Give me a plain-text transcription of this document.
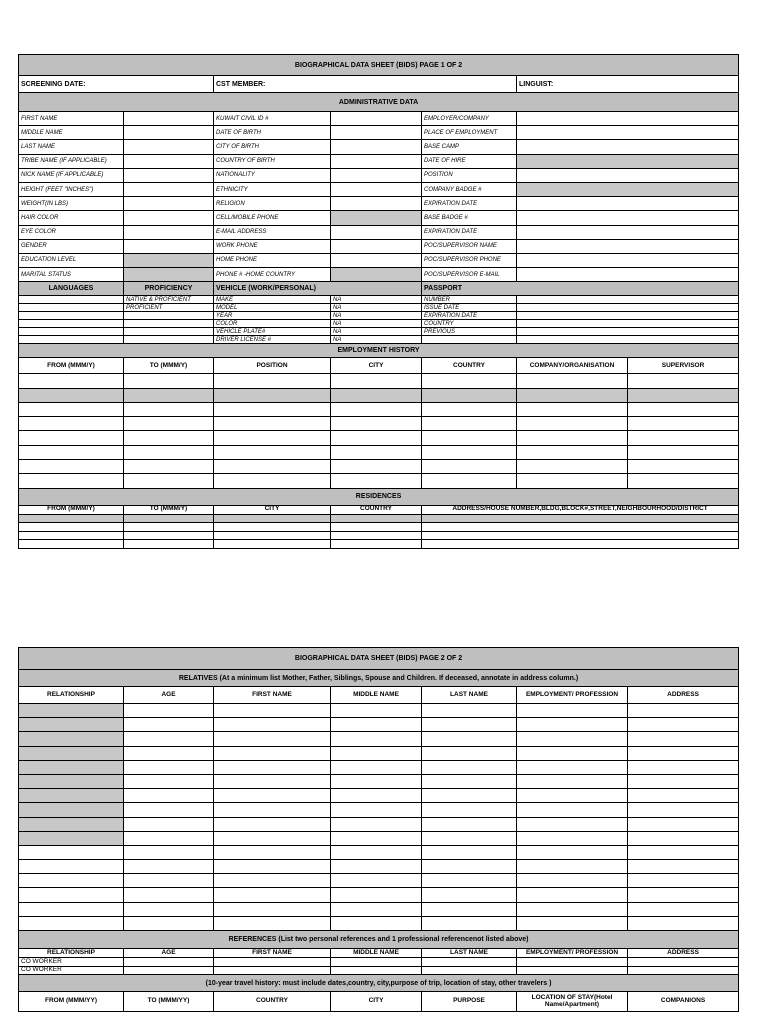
BIOGRAPHICAL DATA SHEET (BIDS) PAGE 1 OF 2						
SCREENING DATE:		CST MEMBER:			LINGUIST:	
ADMINISTRATIVE DATA						
FIRST NAME		KUWAIT CIVIL ID #		EMPLOYER/COMPANY		
MIDDLE NAME		DATE OF BIRTH		PLACE OF EMPLOYMENT		
LAST NAME		CITY OF BIRTH		BASE CAMP		
TRIBE NAME (IF APPLICABLE)		COUNTRY OF BIRTH		DATE OF HIRE		
NICK NAME (IF APPLICABLE)		NATIONALITY		POSITION		
HEIGHT (FEET "INCHES")		ETHNICITY		COMPANY BADGE #		
WEIGHT(IN LBS)		RELIGION		EXPIRATION DATE		
HAIR COLOR		CELL/MOBILE PHONE		BASE BADGE #		
EYE COLOR		E-MAIL ADDRESS		EXPIRATION DATE		
GENDER		WORK PHONE		POC/SUPERVISOR NAME		
EDUCATION LEVEL		HOME PHONE		POC/SUPERVISOR PHONE		
MARITAL STATUS		PHONE # -HOME COUNTRY		POC/SUPERVISOR E-MAIL		
LANGUAGES	PROFICIENCY	VEHICLE (WORK/PERSONAL)		PASSPORT		
	NATIVE & PROFICIENT	MAKE	NA	NUMBER		
	PROFICIENT	MODEL	NA	ISSUE DATE		
		YEAR	NA	EXPIRATION DATE		
		COLOR	NA	COUNTRY		
		VEHICLE PLATE#	NA	PREVIOUS		
		DRIVER LICENSE #	NA			
EMPLOYMENT HISTORY						
FROM (MMM/Y)	TO (MMM/Y)	POSITION	CITY	COUNTRY	COMPANY/ORGANISATION	SUPERVISOR

RESIDENCES						
FROM (MMM/Y)	TO (MMM/Y)	CITY	COUNTRY	ADDRESS/HOUSE NUMBER,BLDG,BLOCK#,STREET,NEIGHBOURHOOD/DISTRICT		

BIOGRAPHICAL DATA SHEET (BIDS) PAGE 2 OF 2						
RELATIVES (At a minimum list Mother, Father, Siblings, Spouse and Children. If deceased, annotate in address column.)						
RELATIONSHIP	AGE	FIRST NAME	MIDDLE NAME	LAST NAME	EMPLOYMENT/ PROFESSION	ADDRESS

REFERENCES (List two personal references and 1 professional referencenot listed above)						
RELATIONSHIP	AGE	FIRST NAME	MIDDLE NAME	LAST NAME	EMPLOYMENT/ PROFESSION	ADDRESS
CO WORKER						
CO WORKER						
(10-year travel history: must include dates,country, city,purpose of trip, location of stay, other travelers )						
FROM (MMM/YY)	TO (MMM/YY)	COUNTRY	CITY	PURPOSE	LOCATION OF STAY(Hotel Name/Apartment)	COMPANIONS
